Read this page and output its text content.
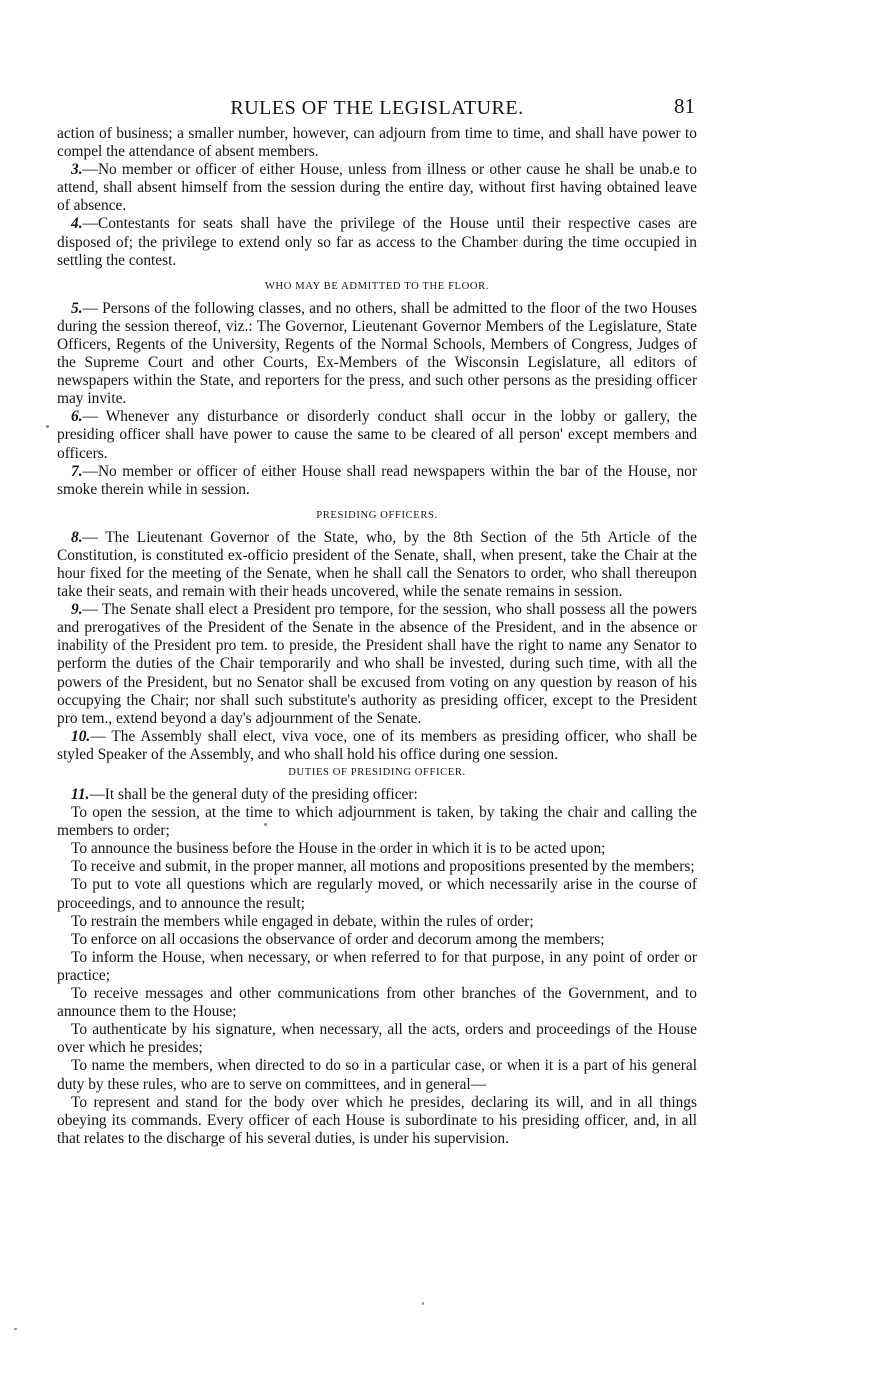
RULES OF THE LEGISLATURE.	81

action of business; a smaller number, however, can adjourn from time to time, and shall have power to compel the attendance of absent members.

3.—No member or officer of either House, unless from illness or other cause he shall be unab.e to attend, shall absent himself from the session during the entire day, without first having obtained leave of absence.

4.—Contestants for seats shall have the privilege of the House until their respective cases are disposed of; the privilege to extend only so far as access to the Chamber during the time occupied in settling the contest.

WHO MAY BE ADMITTED TO THE FLOOR.

5.— Persons of the following classes, and no others, shall be admitted to the floor of the two Houses during the session thereof, viz.: The Governor, Lieutenant Governor Members of the Legislature, State Officers, Regents of the University, Regents of the Normal Schools, Members of Congress, Judges of the Supreme Court and other Courts, Ex-Members of the Wisconsin Legislature, all editors of newspapers within the State, and reporters for the press, and such other persons as the presiding officer may invite.

6.— Whenever any disturbance or disorderly conduct shall occur in the lobby or gallery, the presiding officer shall have power to cause the same to be cleared of all person' except members and officers.

7.—No member or officer of either House shall read newspapers within the bar of the House, nor smoke therein while in session.

PRESIDING OFFICERS.

8.— The Lieutenant Governor of the State, who, by the 8th Section of the 5th Article of the Constitution, is constituted ex-officio president of the Senate, shall, when present, take the Chair at the hour fixed for the meeting of the Senate, when he shall call the Senators to order, who shall thereupon take their seats, and remain with their heads uncovered, while the senate remains in session.

9.— The Senate shall elect a President pro tempore, for the session, who shall possess all the powers and prerogatives of the President of the Senate in the absence of the President, and in the absence or inability of the President pro tem. to preside, the President shall have the right to name any Senator to perform the duties of the Chair temporarily and who shall be invested, during such time, with all the powers of the President, but no Senator shall be excused from voting on any question by reason of his occupying the Chair; nor shall such substitute's authority as presiding officer, except to the President pro tem., extend beyond a day's adjournment of the Senate.

10.— The Assembly shall elect, viva voce, one of its members as presiding officer, who shall be styled Speaker of the Assembly, and who shall hold his office during one session.

DUTIES OF PRESIDING OFFICER.

11.—It shall be the general duty of the presiding officer:

To open the session, at the time to which adjournment is taken, by taking the chair and calling the members to order;

To announce the business before the House in the order in which it is to be acted upon;

To receive and submit, in the proper manner, all motions and propositions presented by the members;

To put to vote all questions which are regularly moved, or which necessarily arise in the course of proceedings, and to announce the result;

To restrain the members while engaged in debate, within the rules of order;

To enforce on all occasions the observance of order and decorum among the members;

To inform the House, when necessary, or when referred to for that purpose, in any point of order or practice;

To receive messages and other communications from other branches of the Government, and to announce them to the House;

To authenticate by his signature, when necessary, all the acts, orders and proceedings of the House over which he presides;

To name the members, when directed to do so in a particular case, or when it is a part of his general duty by these rules, who are to serve on committees, and in general—

To represent and stand for the body over which he presides, declaring its will, and in all things obeying its commands. Every officer of each House is subordinate to his presiding officer, and, in all that relates to the discharge of his several duties, is under his supervision.
